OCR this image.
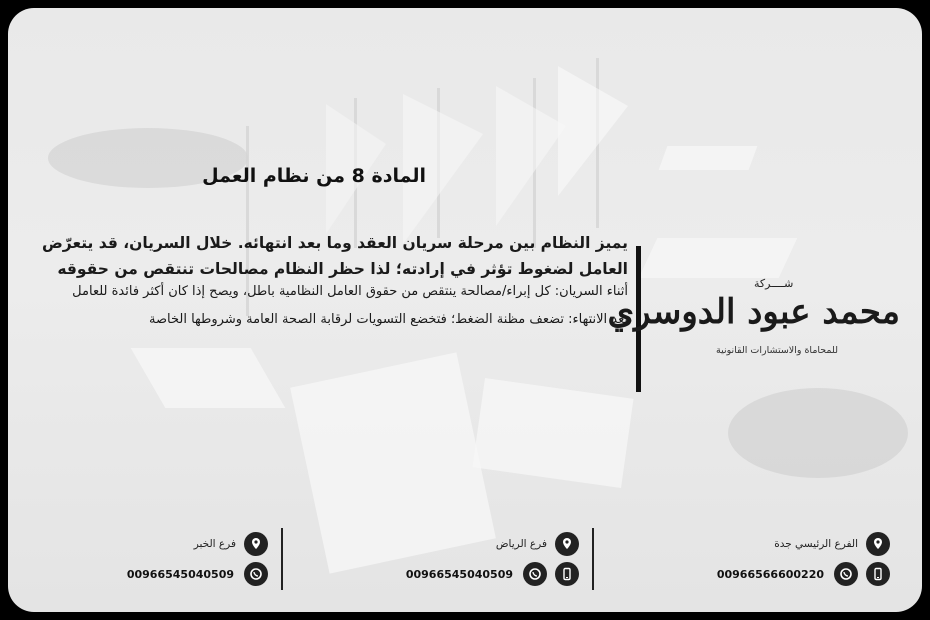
المادة 8 من نظام العمل

يميز النظام بين مرحلة سريان العقد وما بعد انتهائه. خلال السريان، قد يتعرّض العامل لضغوط تؤثر في إرادته؛ لذا حظر النظام مصالحات تنتقص من حقوقه

أثناء السريان: كل إبراء/مصالحة ينتقص من حقوق العامل النظامية باطل، ويصح إذا كان أكثر فائدة للعامل

بعد الانتهاء: تضعف مظنة الضغط؛ فتخضع التسويات لرقابة الصحة العامة وشروطها الخاصة

شــــركة
محمد عبود الدوسري
للمحاماة والاستشارات القانونية
الفرع الرئيسي جدة
00966566600220
فرع الرياض
00966545040509
فرع الخبر
00966545040509
